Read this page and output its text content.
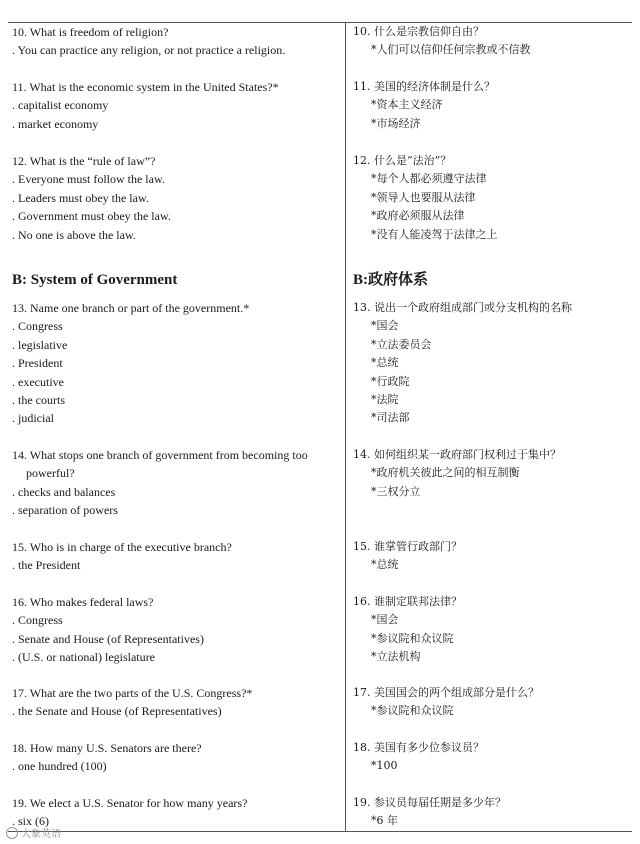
10. What is freedom of religion?
. You can practice any religion, or not practice a religion.
11. What is the economic system in the United States?*
. capitalist economy
. market economy
12. What is the “rule of law”?
. Everyone must follow the law.
. Leaders must obey the law.
. Government must obey the law.
. No one is above the law.
B: System of Government
13. Name one branch or part of the government.*
. Congress
. legislative
. President
. executive
. the courts
. judicial
14. What stops one branch of government from becoming too powerful?
. checks and balances
. separation of powers
15. Who is in charge of the executive branch?
. the President
16. Who makes federal laws?
. Congress
. Senate and House (of Representatives)
. (U.S. or national) legislature
17. What are the two parts of the U.S. Congress?*
. the Senate and House (of Representatives)
18. How many U.S. Senators are there?
. one hundred (100)
19. We elect a U.S. Senator for how many years?
. six (6)
10. 什么是宗教信仰自由？
*人们可以信仰任何宗教或不信教
11. 美国的经济体制是什么？
*资本主义经济
*市场经济
12. 什么是“法治”？
*每个人都必须遵守法律
*领导人也要服从法律
*政府必须服从法律
*没有人能凌驾于法律之上
B:政府体系
13. 说出一个政府组成部门或分支机构的名称
*国会
*立法委员会
*总统
*行政院
*法院
*司法部
14. 如何组织某一政府部门权利过于集中？
*政府机关彼此之间的相互制衡
*三权分立
15. 谁掌管行政部门？
*总统
16. 谁制定联邦法律？
*国会
*参议院和众议院
*立法机构
17. 美国国会的两个组成部分是什么？
*参议院和众议院
18. 美国有多少位参议员？
*100
19. 参议员每届任期是多少年？
*6 年
大象英语
